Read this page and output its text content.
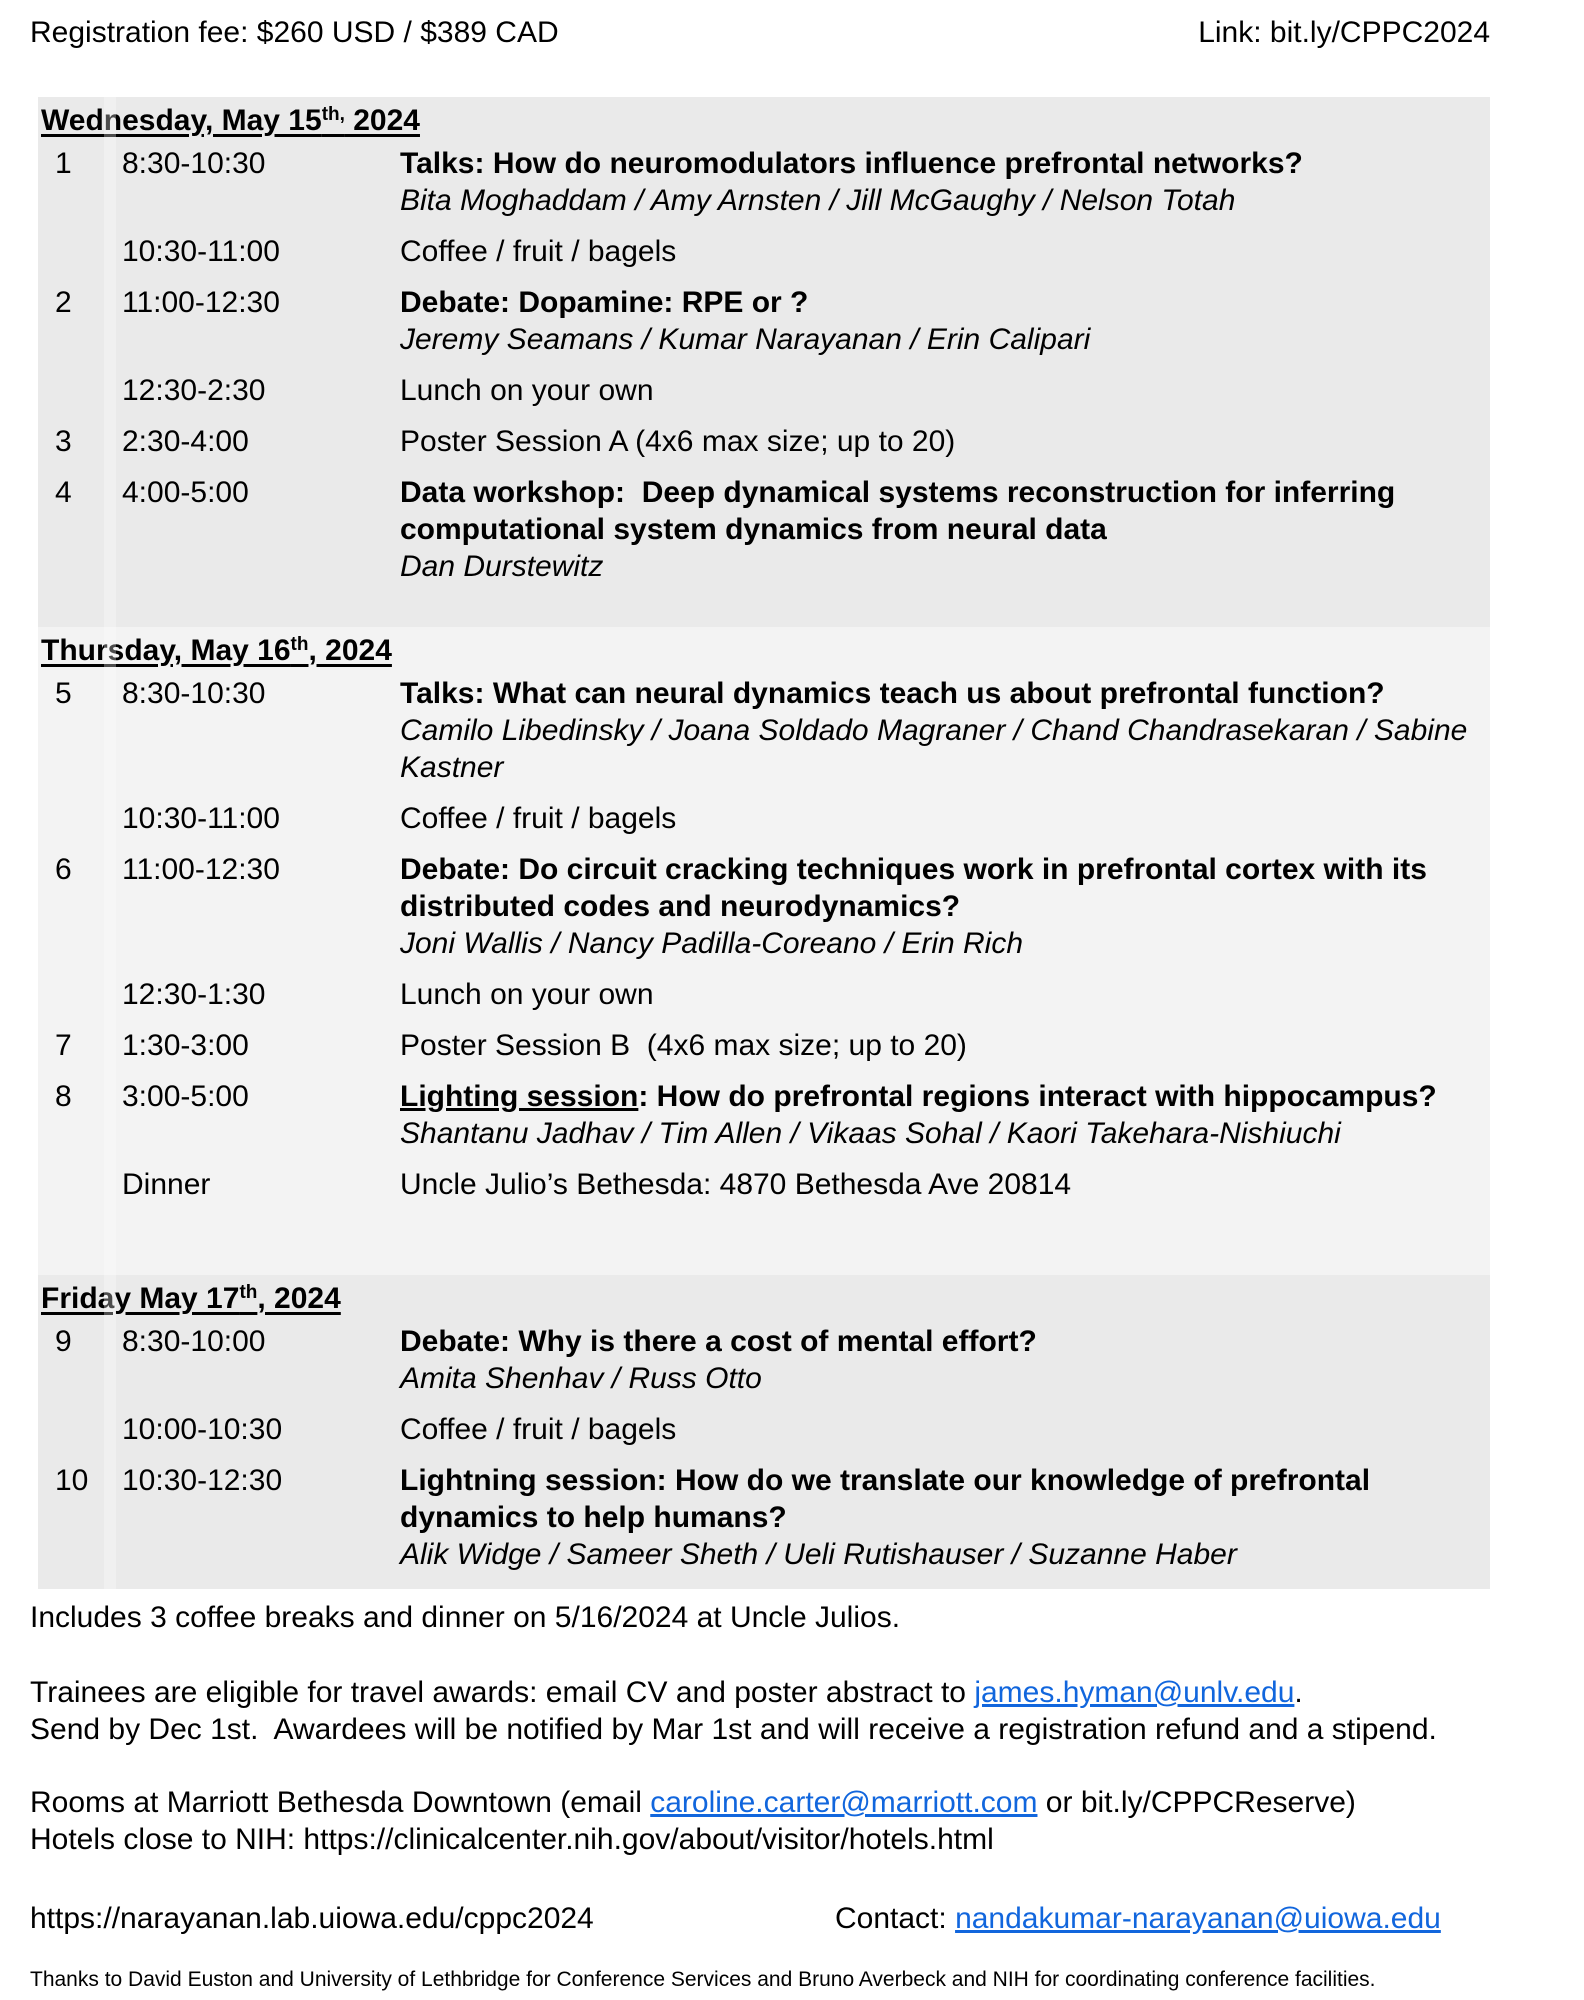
Registration fee: $260 USD / $389 CAD	Link: bit.ly/CPPC2024
Wednesday, May $15^{th,}$ 2024
1	8:30-10:30	Talks: How do neuromodulators influence prefrontal networks?
Bita Moghaddam / Amy Arnsten / Jill McGaughy / Nelson Totah
10:30-11:00	Coffee / fruit / bagels
2	11:00-12:30	Debate: Dopamine: RPE or ?
Jeremy Seamans / Kumar Narayanan / Erin Calipari
12:30-2:30	Lunch on your own
3	2:30-4:00	Poster Session A (4x6 max size; up to 20)
4	4:00-5:00	Data workshop:  Deep dynamical systems reconstruction for inferring computational system dynamics from neural data
Dan Durstewitz
Thursday, May 16th, 2024
5	8:30-10:30	Talks: What can neural dynamics teach us about prefrontal function?
Camilo Libedinsky / Joana Soldado Magraner / Chand Chandrasekaran / Sabine Kastner
10:30-11:00	Coffee / fruit / bagels
6	11:00-12:30	Debate: Do circuit cracking techniques work in prefrontal cortex with its distributed codes and neurodynamics?
Joni Wallis / Nancy Padilla-Coreano / Erin Rich
12:30-1:30	Lunch on your own
7	1:30-3:00	Poster Session B  (4x6 max size; up to 20)
8	3:00-5:00	Lighting session: How do prefrontal regions interact with hippocampus?
Shantanu Jadhav / Tim Allen / Vikaas Sohal / Kaori Takehara-Nishiuchi
Dinner	Uncle Julio’s Bethesda: 4870 Bethesda Ave 20814
Friday May 17th, 2024
9	8:30-10:00	Debate: Why is there a cost of mental effort?
Amita Shenhav / Russ Otto
10:00-10:30	Coffee / fruit / bagels
10	10:30-12:30	Lightning session: How do we translate our knowledge of prefrontal dynamics to help humans?
Alik Widge / Sameer Sheth / Ueli Rutishauser / Suzanne Haber
Includes 3 coffee breaks and dinner on 5/16/2024 at Uncle Julios.
Trainees are eligible for travel awards: email CV and poster abstract to james.hyman@unlv.edu.
Send by Dec 1st.  Awardees will be notified by Mar 1st and will receive a registration refund and a stipend.
Rooms at Marriott Bethesda Downtown (email caroline.carter@marriott.com or bit.ly/CPPCReserve)
Hotels close to NIH: https://clinicalcenter.nih.gov/about/visitor/hotels.html
https://narayanan.lab.uiowa.edu/cppc2024	Contact: nandakumar-narayanan@uiowa.edu
Thanks to David Euston and University of Lethbridge for Conference Services and Bruno Averbeck and NIH for coordinating conference facilities.
